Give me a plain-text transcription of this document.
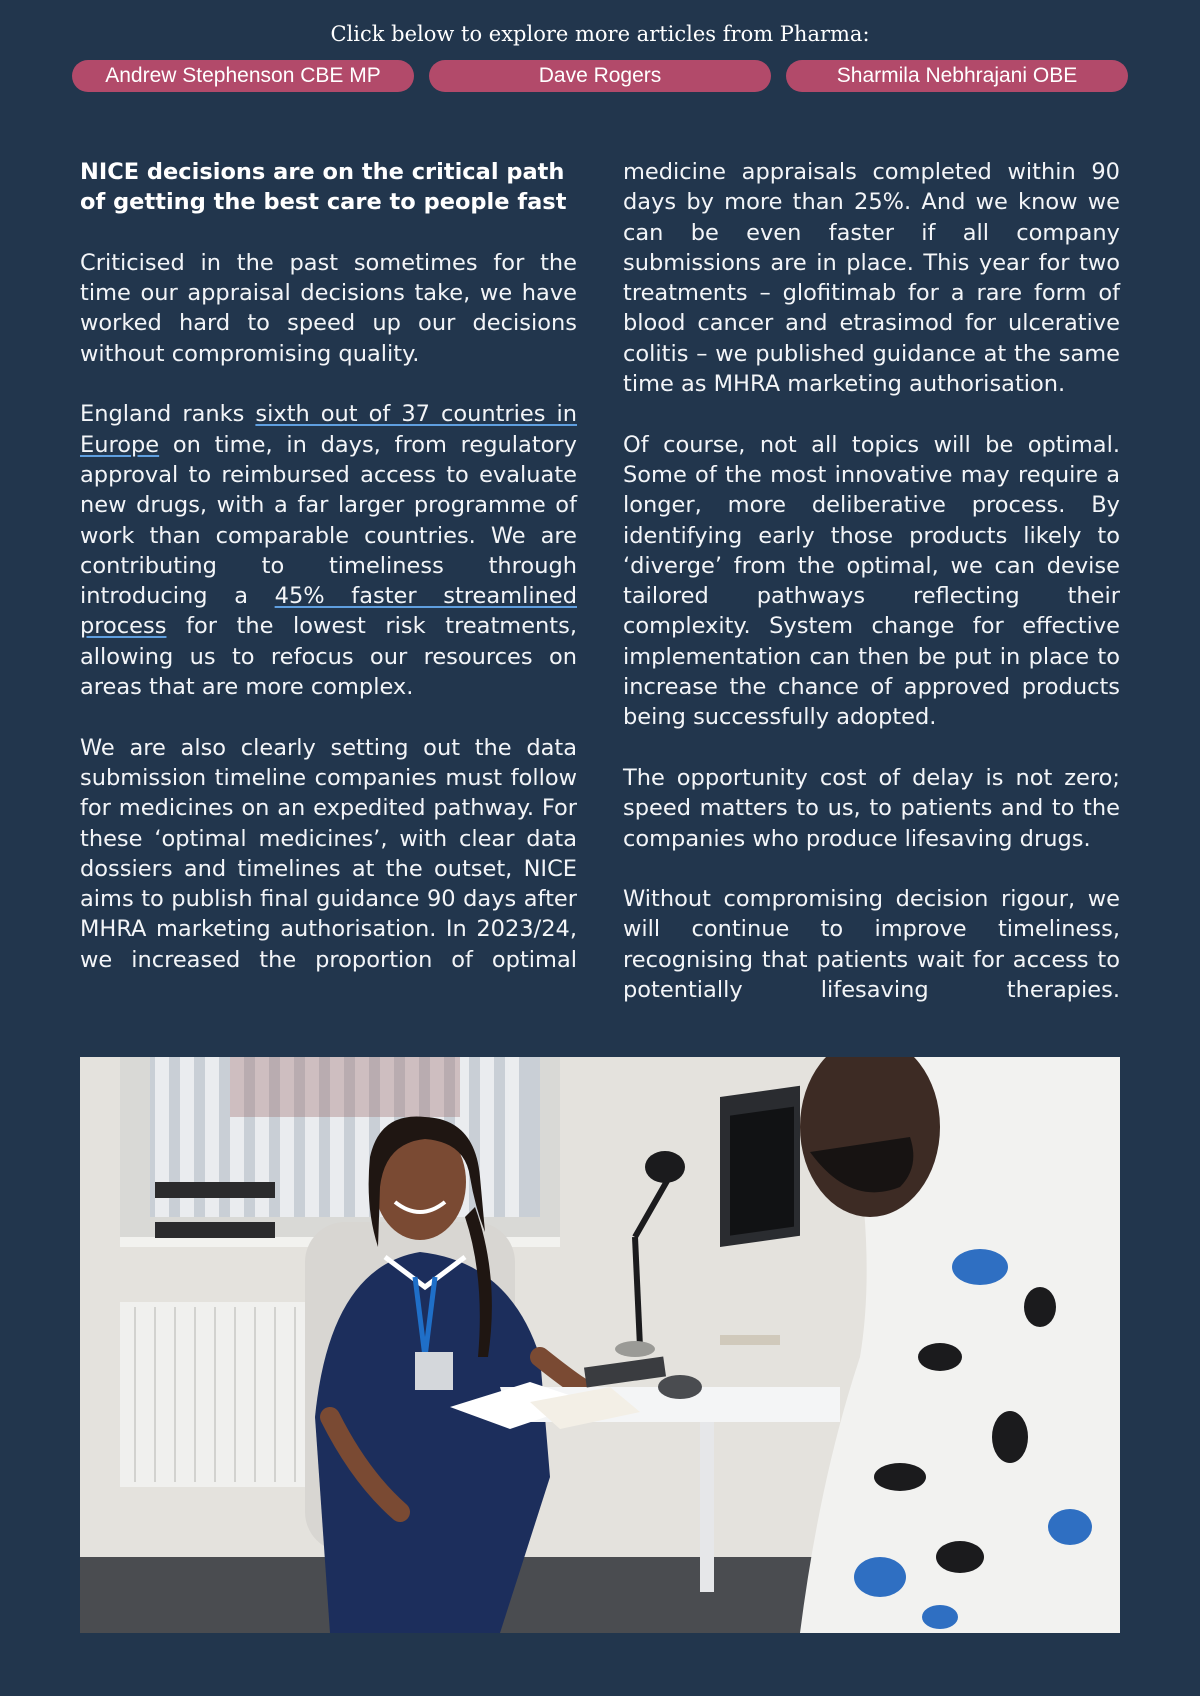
Click below to explore more articles from Pharma:
Andrew Stephenson CBE MP	Dave Rogers	Sharmila Nebhrajani OBE

NICE decisions are on the critical path of getting the best care to people fast

Criticised in the past sometimes for the time our appraisal decisions take, we have worked hard to speed up our decisions without compromising quality.

England ranks sixth out of 37 countries in Europe on time, in days, from regulatory approval to reimbursed access to evaluate new drugs, with a far larger programme of work than comparable countries. We are contributing to timeliness through introducing a 45% faster streamlined process for the lowest risk treatments, allowing us to refocus our resources on areas that are more complex.

We are also clearly setting out the data submission timeline companies must follow for medicines on an expedited pathway. For these ‘optimal medicines’, with clear data dossiers and timelines at the outset, NICE aims to publish final guidance 90 days after MHRA marketing authorisation. In 2023/24, we increased the proportion of optimal

medicine appraisals completed within 90 days by more than 25%. And we know we can be even faster if all company submissions are in place. This year for two treatments – glofitimab for a rare form of blood cancer and etrasimod for ulcerative colitis – we published guidance at the same time as MHRA marketing authorisation.

Of course, not all topics will be optimal. Some of the most innovative may require a longer, more deliberative process. By identifying early those products likely to ‘diverge’ from the optimal, we can devise tailored pathways reflecting their complexity. System change for effective implementation can then be put in place to increase the chance of approved products being successfully adopted.

The opportunity cost of delay is not zero; speed matters to us, to patients and to the companies who produce lifesaving drugs.

Without compromising decision rigour, we will continue to improve timeliness, recognising that patients wait for access to potentially lifesaving therapies.
